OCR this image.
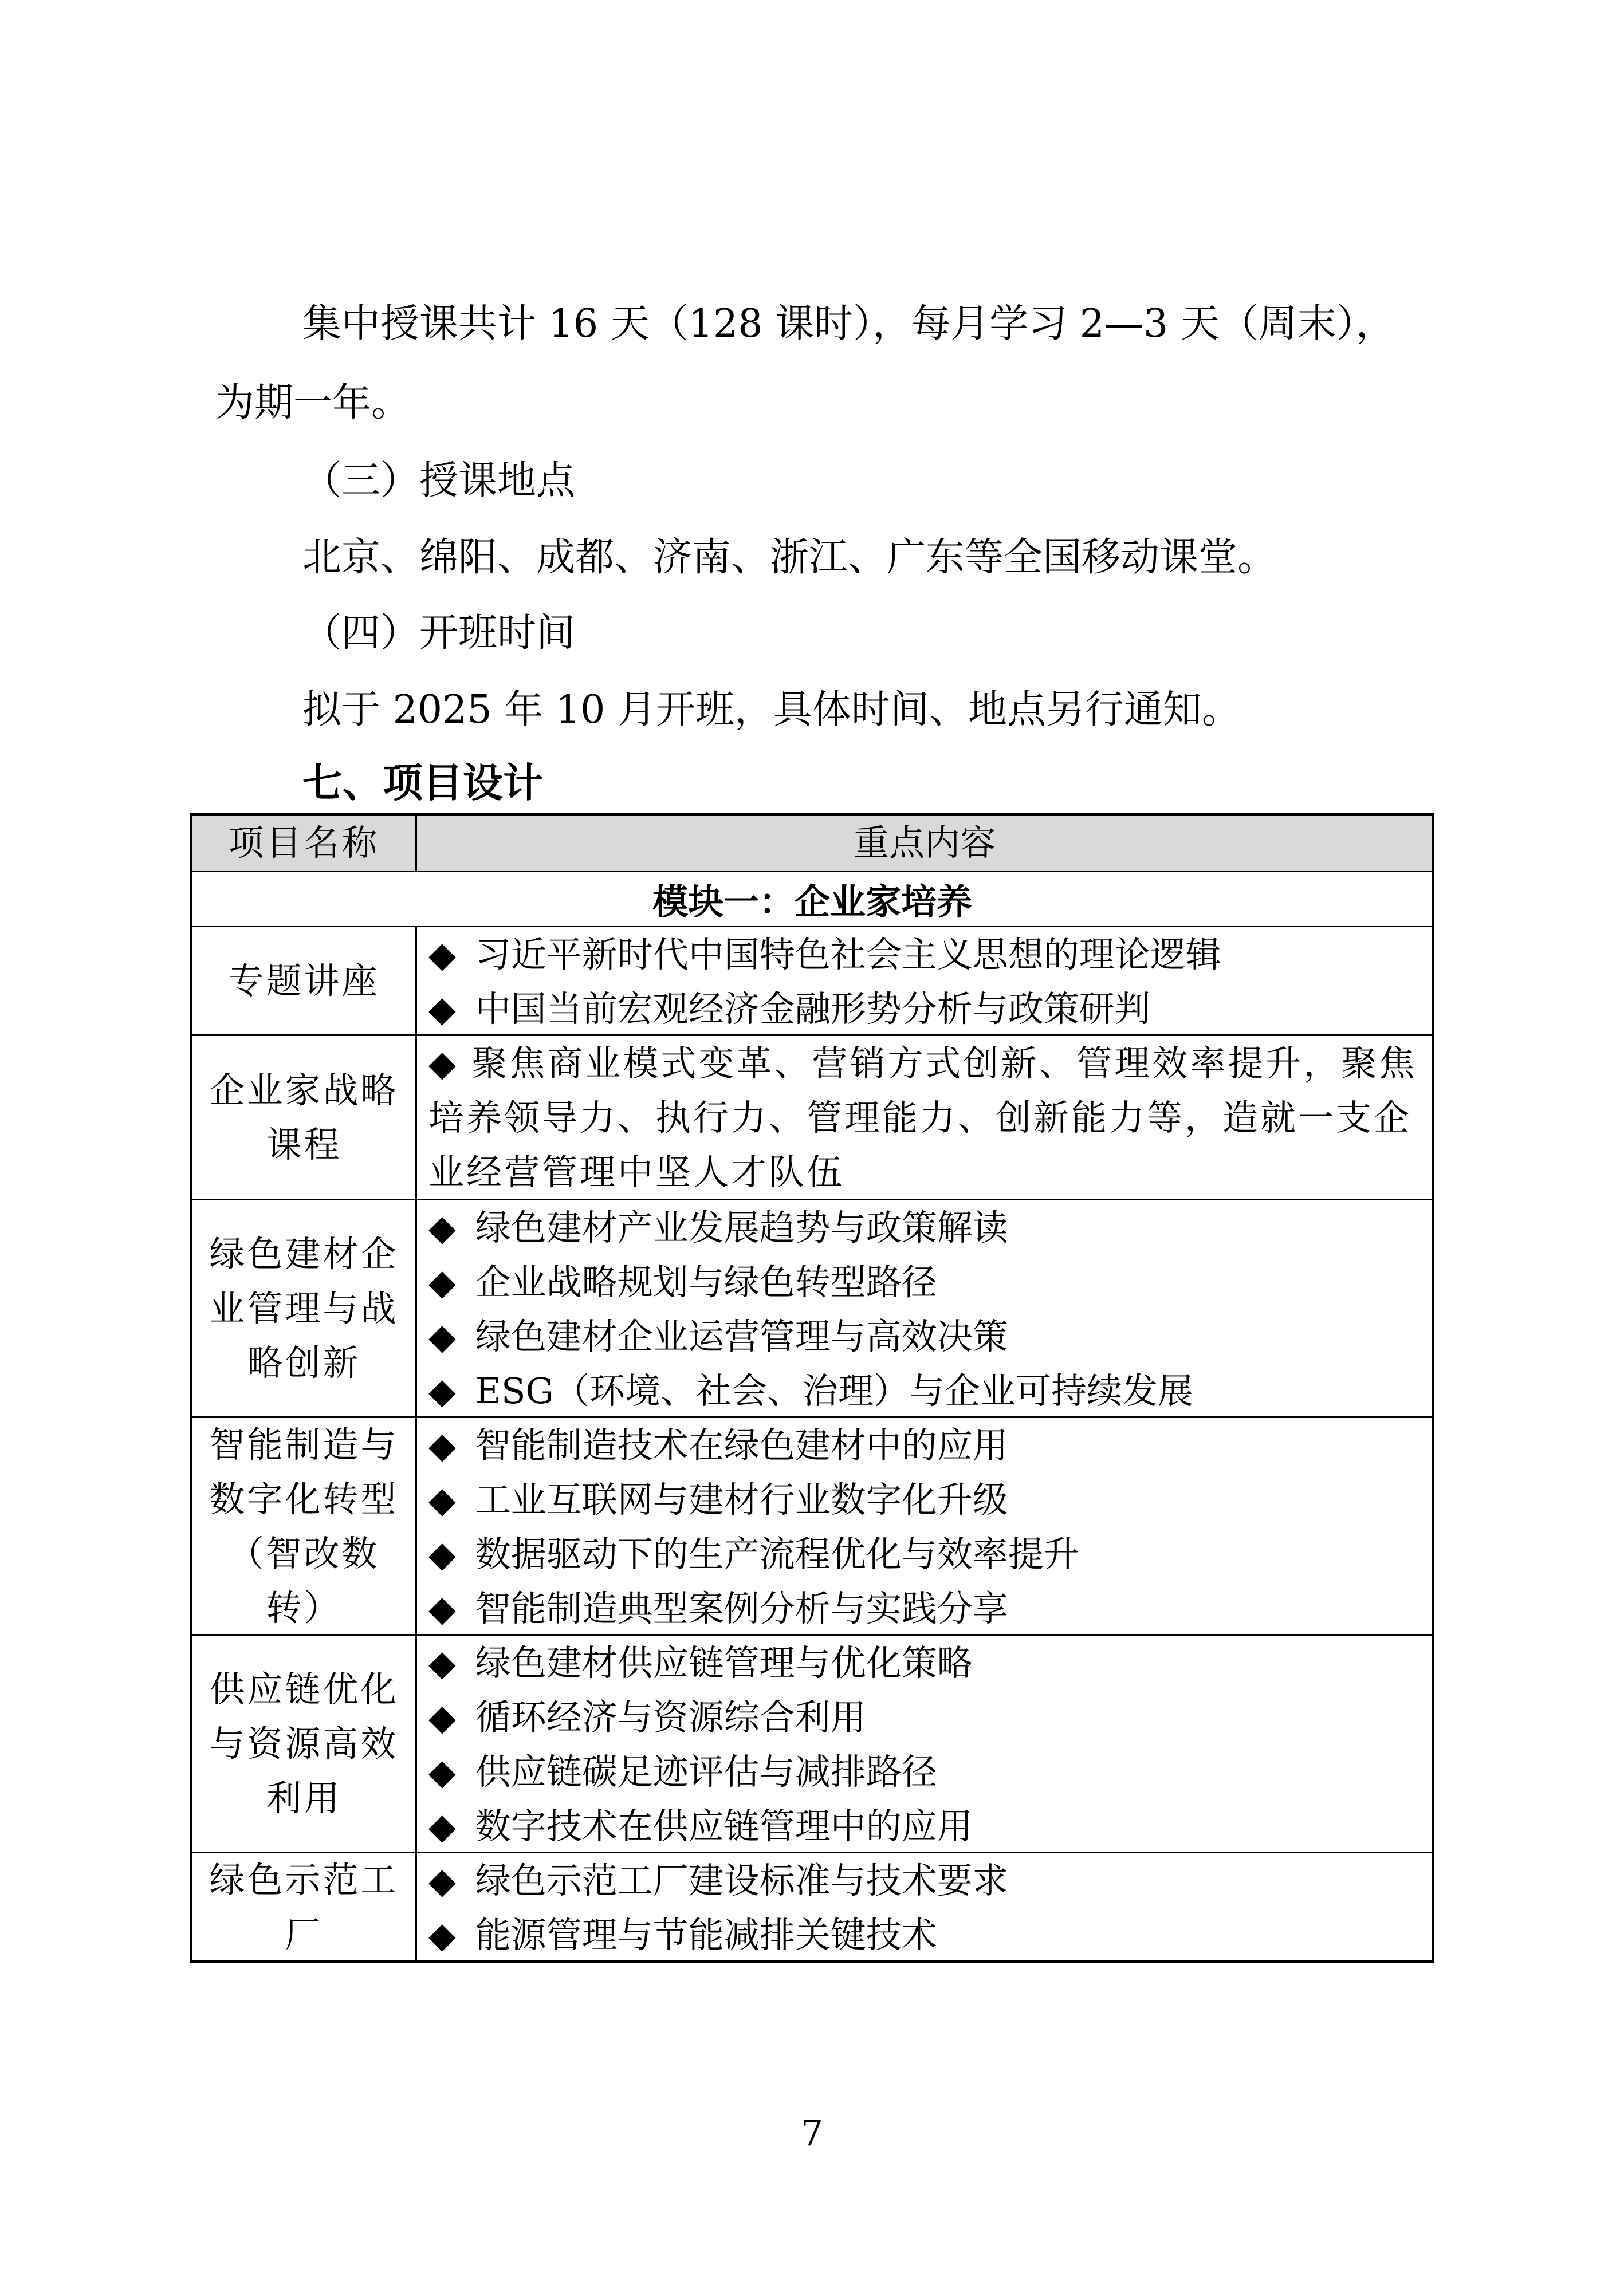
集中授课共计 16 天（128 课时），每月学习 2—3 天（周末），
为期一年。
（三）授课地点
北京、绵阳、成都、济南、浙江、广东等全国移动课堂。
（四）开班时间
拟于 2025 年 10 月开班，具体时间、地点另行通知。
七、项目设计
项目名称	重点内容
模块一：企业家培养
专题讲座
◆ 习近平新时代中国特色社会主义思想的理论逻辑
◆ 中国当前宏观经济金融形势分析与政策研判
企业家战略课程
◆ 聚焦商业模式变革、营销方式创新、管理效率提升，聚焦培养领导力、执行力、管理能力、创新能力等，造就一支企业经营管理中坚人才队伍
绿色建材企业管理与战略创新
◆ 绿色建材产业发展趋势与政策解读
◆ 企业战略规划与绿色转型路径
◆ 绿色建材企业运营管理与高效决策
◆ ESG（环境、社会、治理）与企业可持续发展
智能制造与数字化转型（智改数转）
◆ 智能制造技术在绿色建材中的应用
◆ 工业互联网与建材行业数字化升级
◆ 数据驱动下的生产流程优化与效率提升
◆ 智能制造典型案例分析与实践分享
供应链优化与资源高效利用
◆ 绿色建材供应链管理与优化策略
◆ 循环经济与资源综合利用
◆ 供应链碳足迹评估与减排路径
◆ 数字技术在供应链管理中的应用
绿色示范工厂
◆ 绿色示范工厂建设标准与技术要求
◆ 能源管理与节能减排关键技术
7
